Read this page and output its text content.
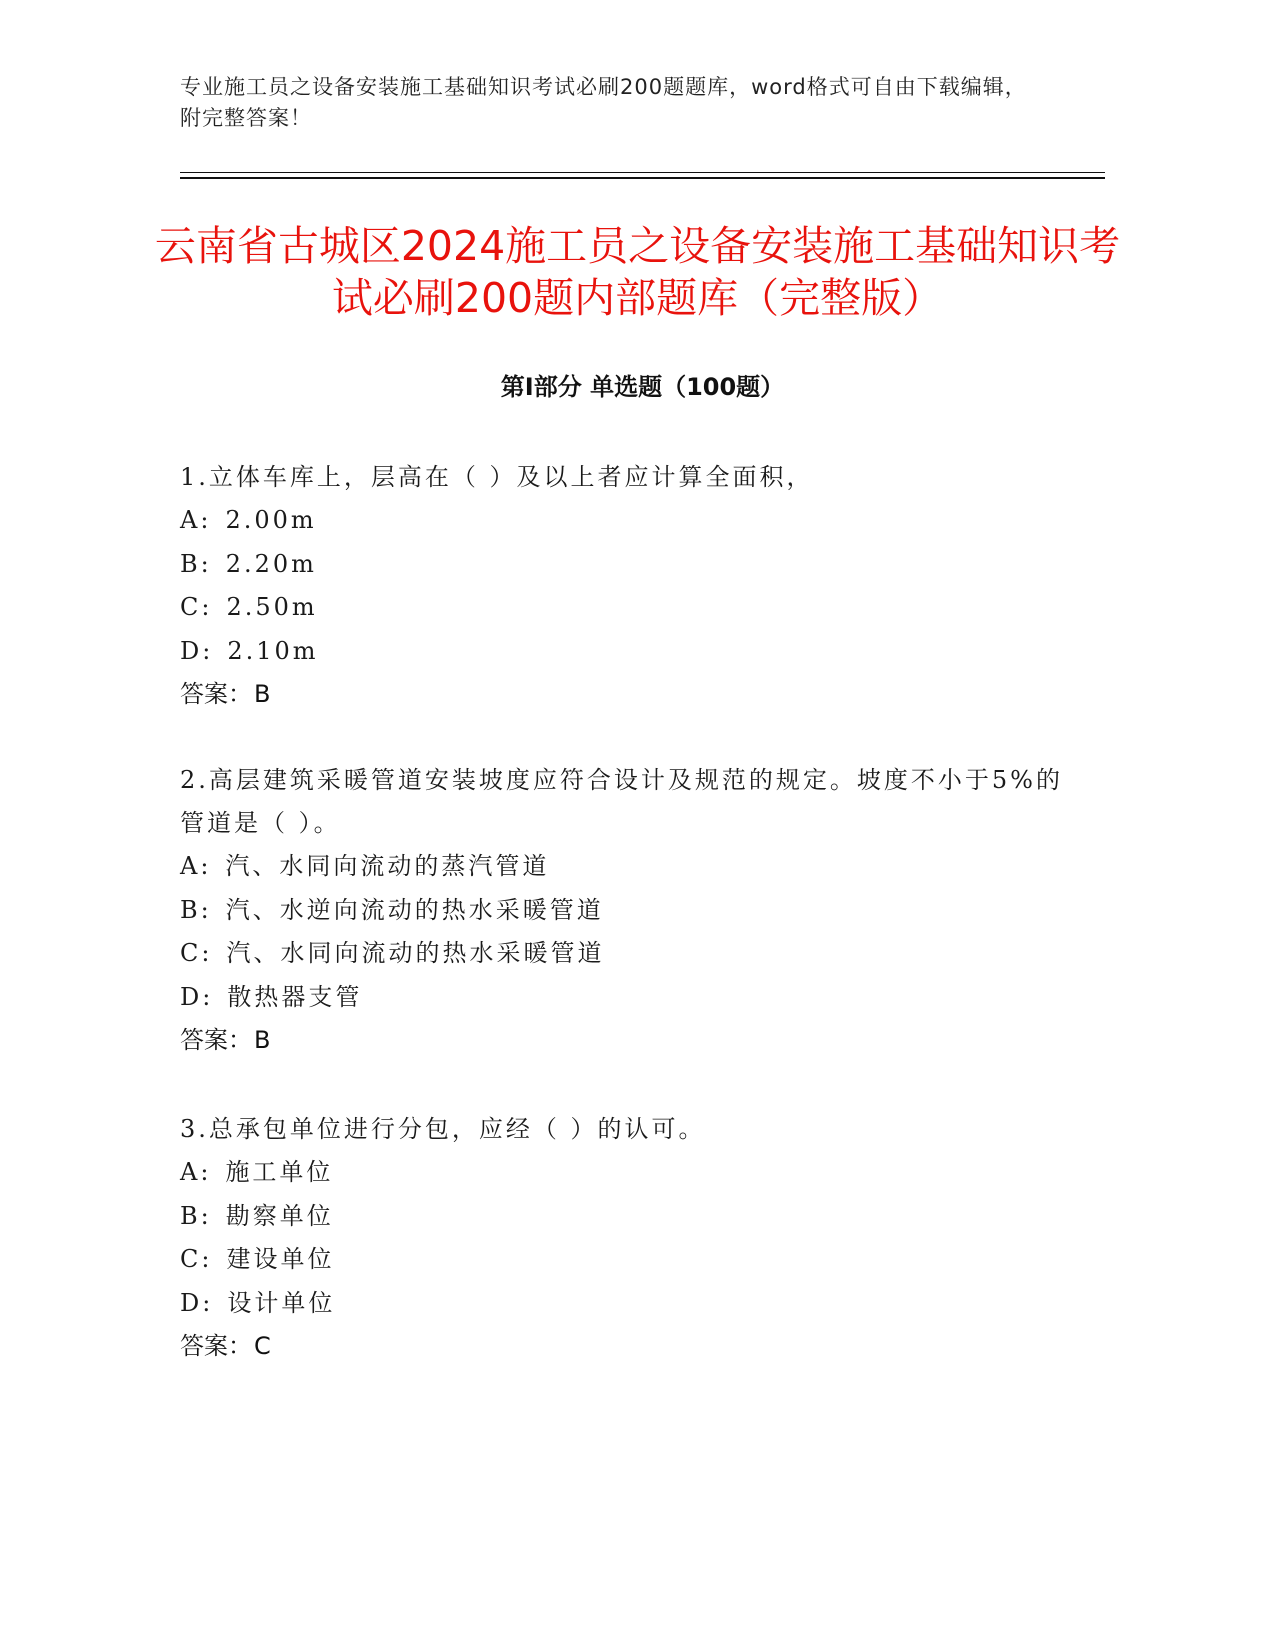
专业施工员之设备安装施工基础知识考试必刷200题题库，word格式可自由下载编辑，附完整答案！
云南省古城区2024施工员之设备安装施工基础知识考试必刷200题内部题库（完整版）
第I部分 单选题（100题）

1.立体车库上，层高在（ ）及以上者应计算全面积，

A: 2.00m

B: 2.20m

C: 2.50m

D: 2.10m

答案：B

2.高层建筑采暖管道安装坡度应符合设计及规范的规定。坡度不小于5%的管道是（ ）。

A: 汽、水同向流动的蒸汽管道

B: 汽、水逆向流动的热水采暖管道

C: 汽、水同向流动的热水采暖管道

D: 散热器支管

答案：B

3.总承包单位进行分包，应经（ ）的认可。

A: 施工单位

B: 勘察单位

C: 建设单位

D: 设计单位

答案：C
